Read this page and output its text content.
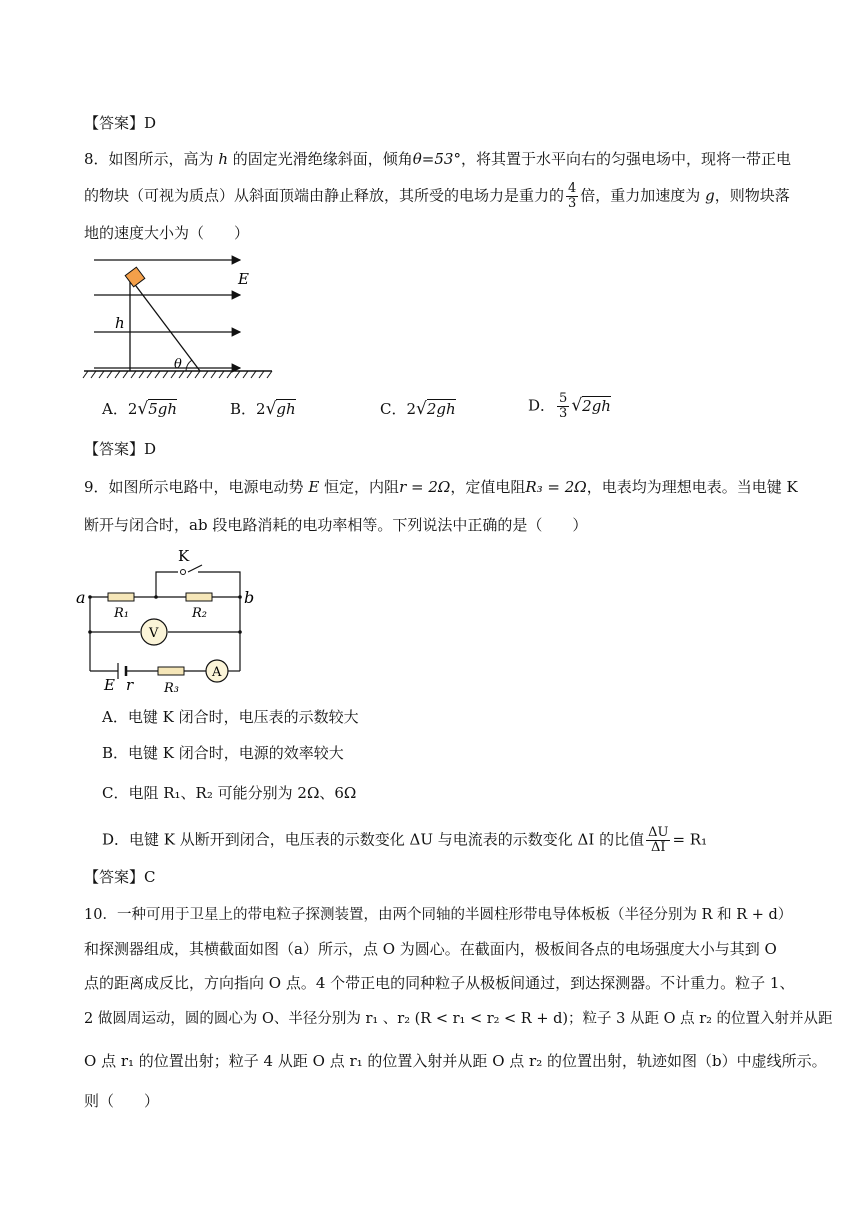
【答案】D
8．如图所示，高为 h 的固定光滑绝缘斜面，倾角θ=53°，将其置于水平向右的匀强电场中，现将一带正电
的物块（可视为质点）从斜面顶端由静止释放，其所受的电场力是重力的 $\frac{4}{3}$ 倍，重力加速度为 g，则物块落
地的速度大小为（　　）
E
h
θ
A．2√5gh	B．2√gh	C．2√2gh	D． $\frac{5}{3} √2gh$
【答案】D
9．如图所示电路中，电源电动势 E 恒定，内阻r = 2Ω，定值电阻R₃ = 2Ω，电表均为理想电表。当电键 K
断开与闭合时，ab 段电路消耗的电功率相等。下列说法中正确的是（　　）
K
a	b
R₁	R₂
V
A
E r R₃
A．电键 K 闭合时，电压表的示数较大
B．电键 K 闭合时，电源的效率较大
C．电阻 R₁、R₂ 可能分别为 2Ω、6Ω
D．电键 K 从断开到闭合，电压表的示数变化 ΔU 与电流表的示数变化 ΔI 的比值 $\frac{\Delta U}{\Delta I} = R_1$
【答案】C
10．一种可用于卫星上的带电粒子探测装置，由两个同轴的半圆柱形带电导体板板（半径分别为 R 和 R + d）
和探测器组成，其横截面如图（a）所示，点 O 为圆心。在截面内，极板间各点的电场强度大小与其到 O
点的距离成反比，方向指向 O 点。4 个带正电的同种粒子从极板间通过，到达探测器。不计重力。粒子 1、
2 做圆周运动，圆的圆心为 O、半径分别为 r₁ 、r₂ (R < r₁ < r₂ < R + d)；粒子 3 从距 O 点 r₂ 的位置入射并从距
O 点 r₁ 的位置出射；粒子 4 从距 O 点 r₁ 的位置入射并从距 O 点 r₂ 的位置出射，轨迹如图（b）中虚线所示。
则（　　）
